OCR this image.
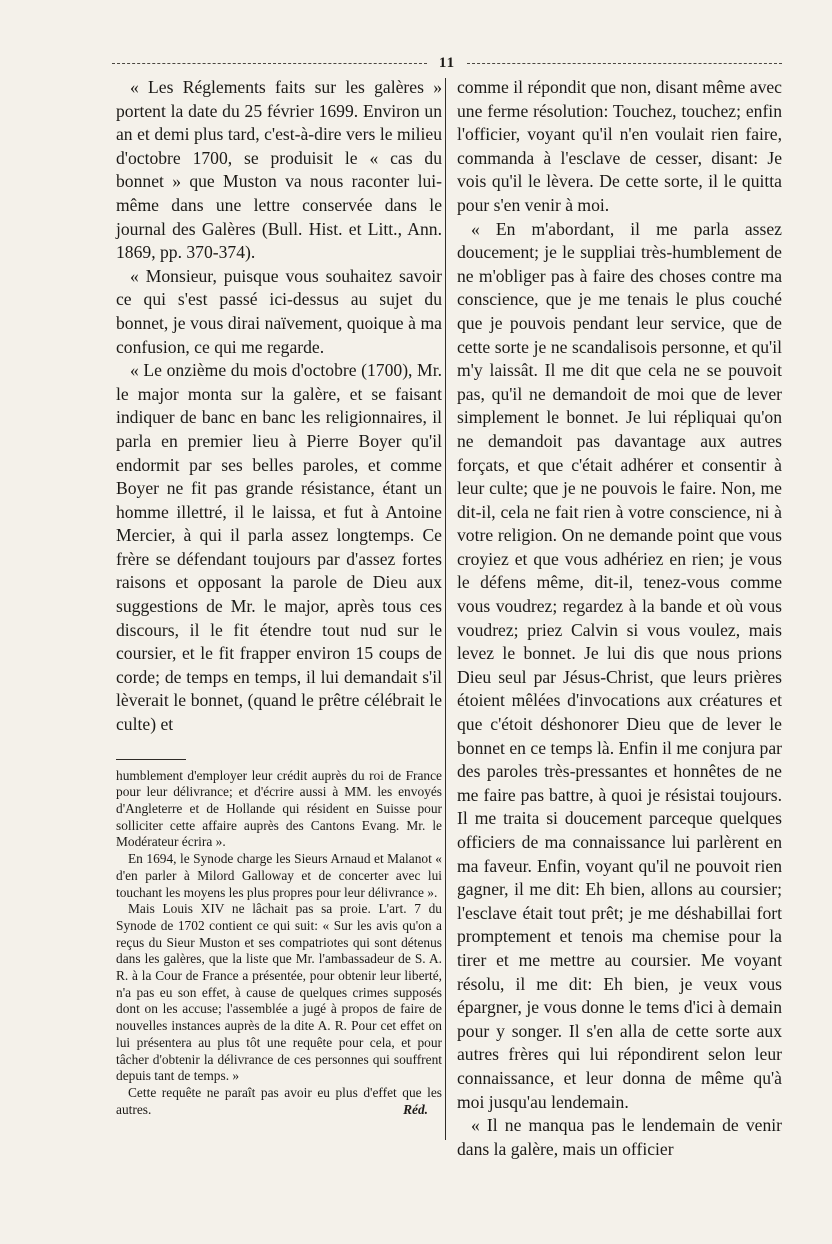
11

« Les Réglements faits sur les galères » portent la date du 25 février 1699. Environ un an et demi plus tard, c'est-à-dire vers le milieu d'octobre 1700, se produisit le « cas du bonnet » que Muston va nous raconter lui-même dans une lettre conservée dans le journal des Galères (Bull. Hist. et Litt., Ann. 1869, pp. 370-374).

« Monsieur, puisque vous souhaitez savoir ce qui s'est passé ici-dessus au sujet du bonnet, je vous dirai naïvement, quoique à ma confusion, ce qui me regarde.

« Le onzième du mois d'octobre (1700), Mr. le major monta sur la galère, et se faisant indiquer de banc en banc les religionnaires, il parla en premier lieu à Pierre Boyer qu'il endormit par ses belles paroles, et comme Boyer ne fit pas grande résistance, étant un homme illettré, il le laissa, et fut à Antoine Mercier, à qui il parla assez longtemps. Ce frère se défendant toujours par d'assez fortes raisons et opposant la parole de Dieu aux suggestions de Mr. le major, après tous ces discours, il le fit étendre tout nud sur le coursier, et le fit frapper environ 15 coups de corde; de temps en temps, il lui demandait s'il lèverait le bonnet, (quand le prêtre célébrait le culte) et

humblement d'employer leur crédit auprès du roi de France pour leur délivrance; et d'écrire aussi à MM. les envoyés d'Angleterre et de Hollande qui résident en Suisse pour solliciter cette affaire auprès des Cantons Evang. Mr. le Modérateur écrira ».

En 1694, le Synode charge les Sieurs Arnaud et Malanot « d'en parler à Milord Galloway et de concerter avec lui touchant les moyens les plus propres pour leur délivrance ».

Mais Louis XIV ne lâchait pas sa proie. L'art. 7 du Synode de 1702 contient ce qui suit: « Sur les avis qu'on a reçus du Sieur Muston et ses compatriotes qui sont détenus dans les galères, que la liste que Mr. l'ambassadeur de S. A. R. à la Cour de France a présentée, pour obtenir leur liberté, n'a pas eu son effet, à cause de quelques crimes supposés dont on les accuse; l'assemblée a jugé à propos de faire de nouvelles instances auprès de la dite A. R. Pour cet effet on lui présentera au plus tôt une requête pour cela, et pour tâcher d'obtenir la délivrance de ces personnes qui souffrent depuis tant de temps. »

Cette requête ne paraît pas avoir eu plus d'effet que les autres.	Réd.

comme il répondit que non, disant même avec une ferme résolution: Touchez, touchez; enfin l'officier, voyant qu'il n'en voulait rien faire, commanda à l'esclave de cesser, disant: Je vois qu'il le lèvera. De cette sorte, il le quitta pour s'en venir à moi.

« En m'abordant, il me parla assez doucement; je le suppliai très-humblement de ne m'obliger pas à faire des choses contre ma conscience, que je me tenais le plus couché que je pouvois pendant leur service, que de cette sorte je ne scandalisois personne, et qu'il m'y laissât. Il me dit que cela ne se pouvoit pas, qu'il ne demandoit de moi que de lever simplement le bonnet. Je lui répliquai qu'on ne demandoit pas davantage aux autres forçats, et que c'était adhérer et consentir à leur culte; que je ne pouvois le faire. Non, me dit-il, cela ne fait rien à votre conscience, ni à votre religion. On ne demande point que vous croyiez et que vous adhériez en rien; je vous le défens même, dit-il, tenez-vous comme vous voudrez; regardez à la bande et où vous voudrez; priez Calvin si vous voulez, mais levez le bonnet. Je lui dis que nous prions Dieu seul par Jésus-Christ, que leurs prières étoient mêlées d'invocations aux créatures et que c'étoit déshonorer Dieu que de lever le bonnet en ce temps là. Enfin il me conjura par des paroles très-pressantes et honnêtes de ne me faire pas battre, à quoi je résistai toujours. Il me traita si doucement parceque quelques officiers de ma connaissance lui parlèrent en ma faveur. Enfin, voyant qu'il ne pouvoit rien gagner, il me dit: Eh bien, allons au coursier; l'esclave était tout prêt; je me déshabillai fort promptement et tenois ma chemise pour la tirer et me mettre au coursier. Me voyant résolu, il me dit: Eh bien, je veux vous épargner, je vous donne le tems d'ici à demain pour y songer. Il s'en alla de cette sorte aux autres frères qui lui répondirent selon leur connaissance, et leur donna de même qu'à moi jusqu'au lendemain.

« Il ne manqua pas le lendemain de venir dans la galère, mais un officier
